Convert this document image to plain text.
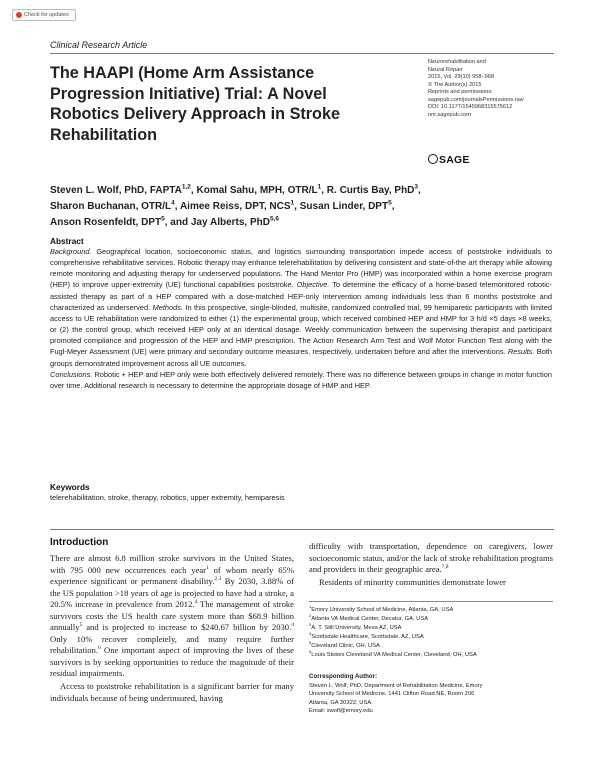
Check for updates
Clinical Research Article
The HAAPI (Home Arm Assistance Progression Initiative) Trial: A Novel Robotics Delivery Approach in Stroke Rehabilitation
Neurorehabilitation and
Neural Repair
2015, Vol. 29(10) 958–968
© The Author(s) 2015
Reprints and permissions:
sagepub.com/journalsPermissions.nav
DOI: 10.1177/1545968315575612
nnr.sagepub.com
SAGE
Steven L. Wolf, PhD, FAPTA$^{1,2}$, Komal Sahu, MPH, OTR/$L^1$, R. Curtis Bay, PhD$^3$,
Sharon Buchanan, OTR/$L^4$, Aimee Reiss, DPT, NCS$^1$, Susan Linder, DPT$^5$,
Anson Rosenfeldt, DPT$^5$, and Jay Alberts, PhD$^{5,6}$
Abstract
Background. Geographical location, socioeconomic status, and logistics surrounding transportation impede access of poststroke individuals to comprehensive rehabilitative services. Robotic therapy may enhance telerehabilitation by delivering consistent and state-of-the art therapy while allowing remote monitoring and adjusting therapy for underserved populations. The Hand Mentor Pro (HMP) was incorporated within a home exercise program (HEP) to improve upper-extremity (UE) functional capabilities poststroke. Objective. To determine the efficacy of a home-based telemonitored robotic-assisted therapy as part of a HEP compared with a dose-matched HEP-only intervention among individuals less than 6 months poststroke and characterized as underserved. Methods. In this prospective, single-blinded, multisite, randomized controlled trial, 99 hemiparetic participants with limited access to UE rehabilitation were randomized to either (1) the experimental group, which received combined HEP and HMP for 3 h/d ×5 days ×8 weeks, or (2) the control group, which received HEP only at an identical dosage. Weekly communication between the supervising therapist and participant promoted compliance and progression of the HEP and HMP prescription. The Action Research Arm Test and Wolf Motor Function Test along with the Fugl-Meyer Assessment (UE) were primary and secondary outcome measures, respectively, undertaken before and after the interventions. Results. Both groups demonstrated improvement across all UE outcomes.
Conclusions. Robotic + HEP and HEP only were both effectively delivered remotely. There was no difference between groups in change in motor function over time. Additional research is necessary to determine the appropriate dosage of HMP and HEP.
Keywords
telerehabilitation, stroke, therapy, robotics, upper extremity, hemiparesis
Introduction

There are almost 6.8 million stroke survivors in the United States, with 795 000 new occurrences each year$^1$ of whom nearly 65% experience significant or permanent disability.$^{2,3}$ By 2030, 3.88% of the US population >18 years of age is projected to have had a stroke, a 20.5% increase in prevalence from 2012.$^4$ The management of stroke survivors costs the US health care system more than $68.9 billion annually$^5$ and is projected to increase to $240.67 billion by 2030.$^4$ Only 10% recover completely, and many require further rehabilitation.$^6$ One important aspect of improving the lives of these survivors is by seeking opportunities to reduce the magnitude of their residual impairments.

Access to poststroke rehabilitation is a significant barrier for many individuals because of being underinsured, having

difficulty with transportation, dependence on caregivers, lower socioeconomic status, and/or the lack of stroke rehabilitation programs and providers in their geographic area.$^{7,8}$

Residents of minority communities demonstrate lower

$^1$Emory University School of Medicine, Atlanta, GA, USA
$^2$Atlanta VA Medical Center, Decatur, GA, USA
$^3$A. T. Still University, Mesa AZ, USA
$^4$Scottsdale Healthcare, Scottsdale, AZ, USA
$^5$Cleveland Clinic, OH, USA
$^6$Louis Stokes Cleveland VA Medical Center, Cleveland, OH, USA
Corresponding Author:
Steven L. Wolf, PhD, Department of Rehabilitation Medicine, Emory
University School of Medicine, 1441 Clifton Road NE, Room 206
Atlanta, GA 30322, USA.
Email: swolf@emory.edu
